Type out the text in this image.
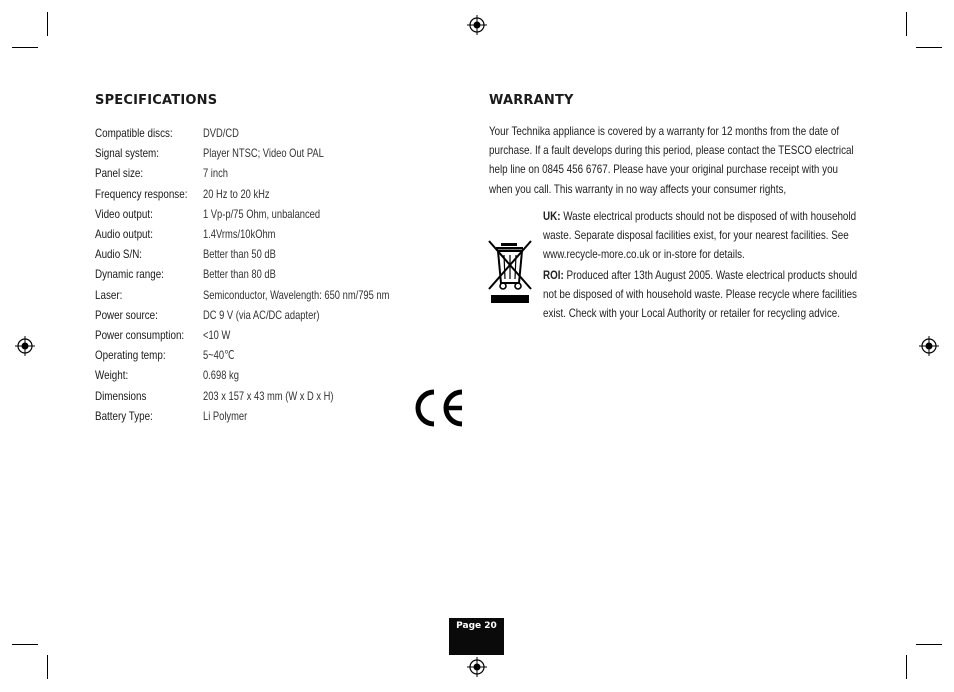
SPECIFICATIONS
Compatible discs:	DVD/CD
Signal system:	Player NTSC; Video Out PAL
Panel size:	7 inch
Frequency response: 20 Hz to 20 kHz
Video output:	1 Vp-p/75 Ohm, unbalanced
Audio output:	1.4Vrms/10kOhm
Audio S/N:	Better than 50 dB
Dynamic range:	Better than 80 dB
Laser:	Semiconductor, Wavelength: 650 nm/795 nm
Power source:	DC 9 V (via AC/DC adapter)
Power consumption: <10 W
Operating temp:	5~40℃
Weight:	0.698 kg
Dimensions	203 x 157 x 43 mm (W x D x H)
Battery Type:	Li Polymer
WARRANTY

Your Technika appliance is covered by a warranty for 12 months from the date of purchase. If a fault develops during this period, please contact the TESCO electrical help line on 0845 456 6767. Please have your original purchase receipt with you when you call. This warranty in no way affects your consumer rights,

UK: Waste electrical products should not be disposed of with household waste. Separate disposal facilities exist, for your nearest facilities. See www.recycle-more.co.uk or in-store for details.

ROI: Produced after 13th August 2005. Waste electrical products should not be disposed of with household waste. Please recycle where facilities exist. Check with your Local Authority or retailer for recycling advice.

Page 20
